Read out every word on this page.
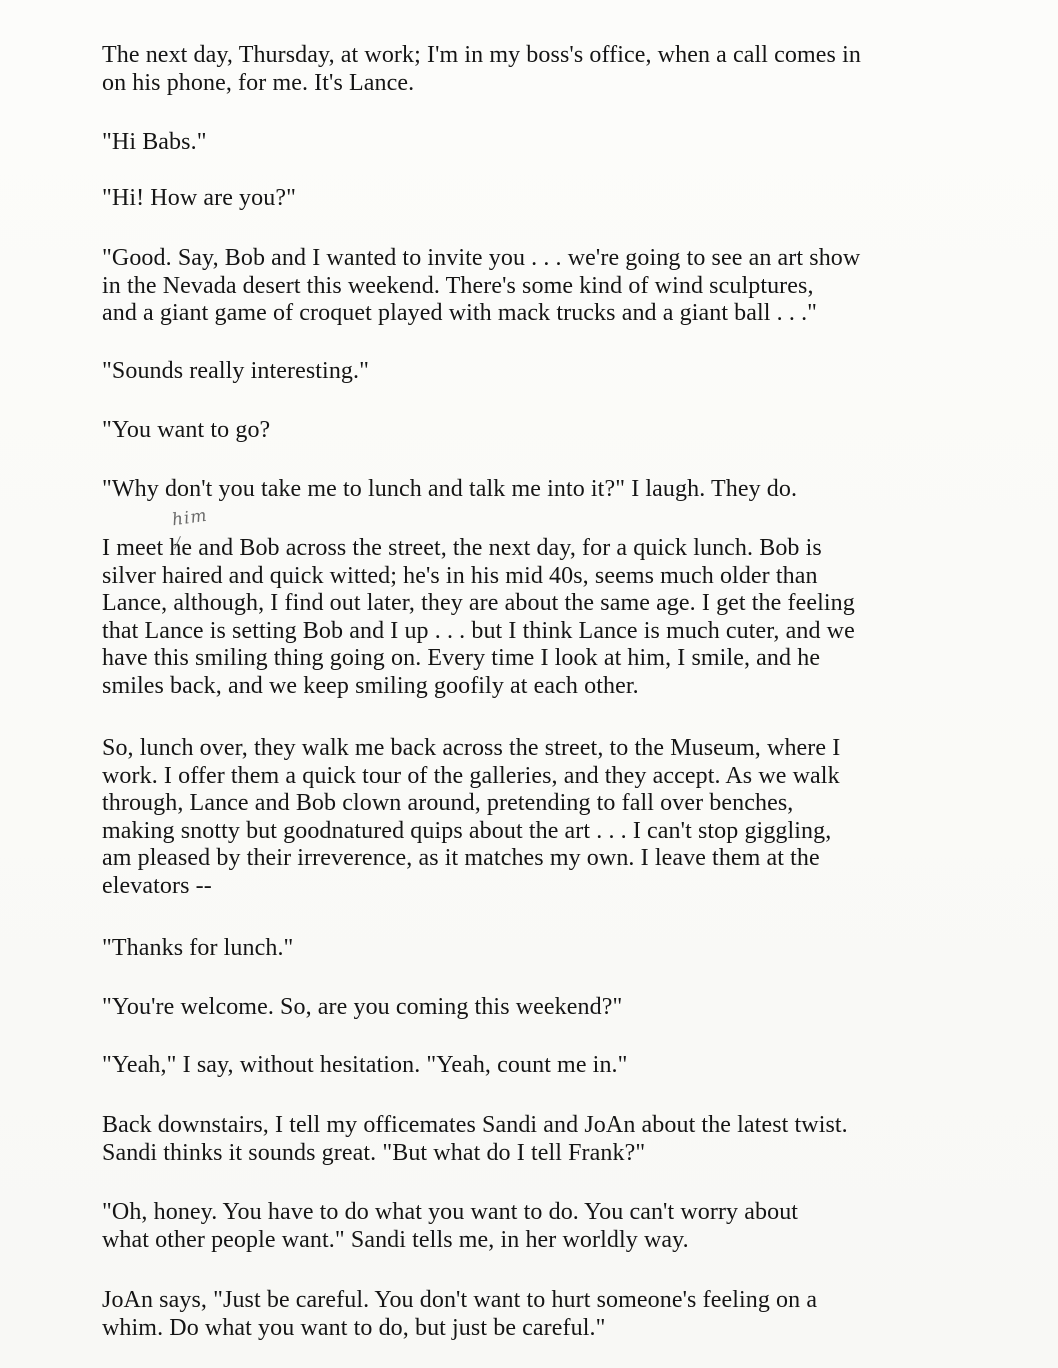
The next day, Thursday, at work; I'm in my boss's office, when a call comes in
on his phone, for me. It's Lance.

"Hi Babs."

"Hi! How are you?"

"Good. Say, Bob and I wanted to invite you . . . we're going to see an art show
in the Nevada desert this weekend. There's some kind of wind sculptures,
and a giant game of croquet played with mack trucks and a giant ball . . ."

"Sounds really interesting."

"You want to go?

"Why don't you take me to lunch and talk me into it?" I laugh. They do.

I meet he and Bob across the street, the next day, for a quick lunch. Bob is
silver haired and quick witted; he's in his mid 40s, seems much older than
Lance, although, I find out later, they are about the same age. I get the feeling
that Lance is setting Bob and I up . . . but I think Lance is much cuter, and we
have this smiling thing going on. Every time I look at him, I smile, and he
smiles back, and we keep smiling goofily at each other.

So, lunch over, they walk me back across the street, to the Museum, where I
work. I offer them a quick tour of the galleries, and they accept. As we walk
through, Lance and Bob clown around, pretending to fall over benches,
making snotty but goodnatured quips about the art . . . I can't stop giggling,
am pleased by their irreverence, as it matches my own. I leave them at the
elevators --

"Thanks for lunch."

"You're welcome. So, are you coming this weekend?"

"Yeah," I say, without hesitation. "Yeah, count me in."

Back downstairs, I tell my officemates Sandi and JoAn about the latest twist.
Sandi thinks it sounds great. "But what do I tell Frank?"

"Oh, honey. You have to do what you want to do. You can't worry about
what other people want." Sandi tells me, in her worldly way.

JoAn says, "Just be careful. You don't want to hurt someone's feeling on a
whim. Do what you want to do, but just be careful."

him
